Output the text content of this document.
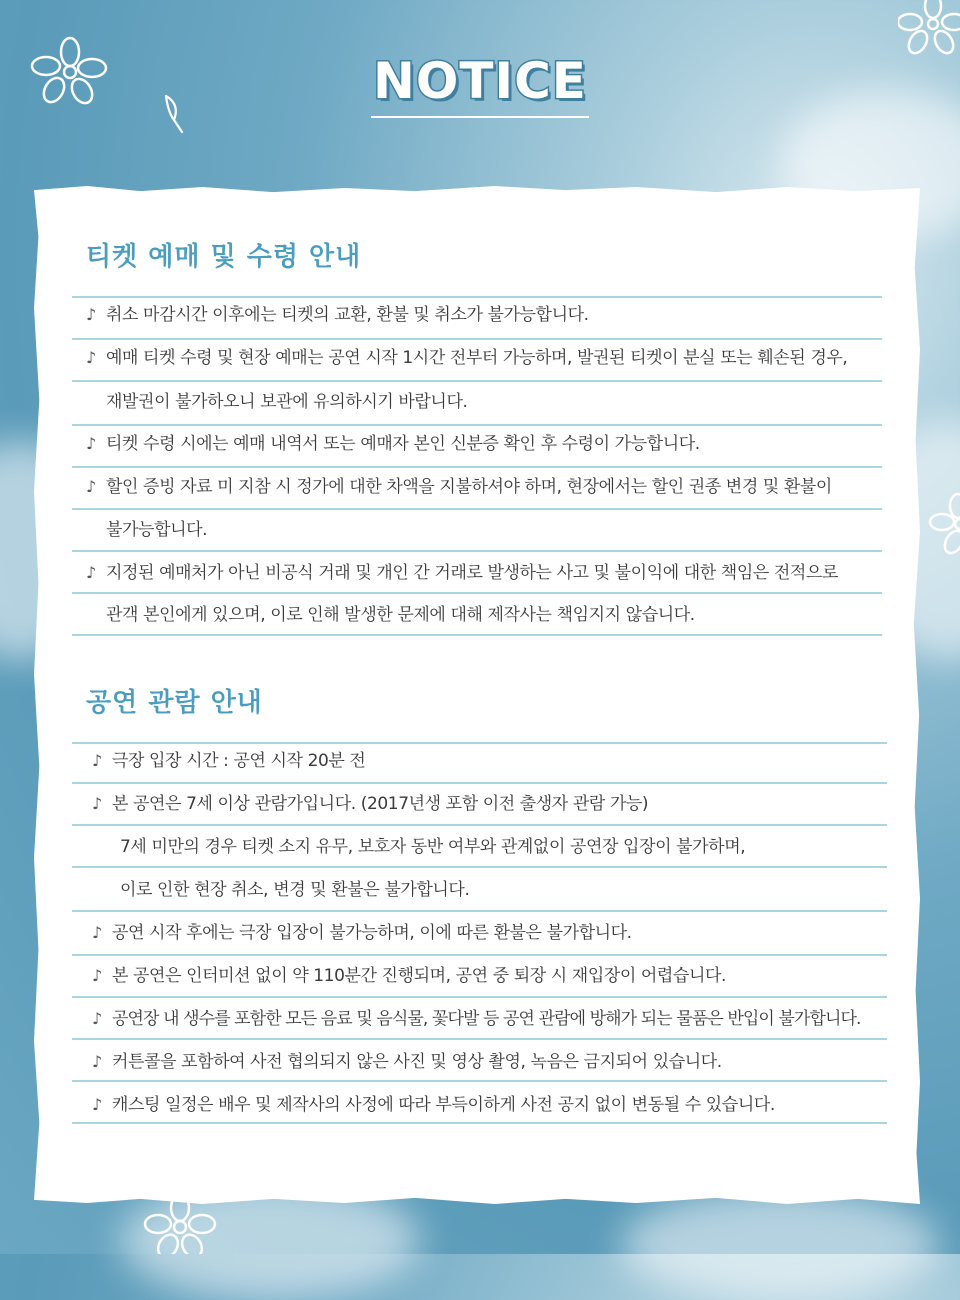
NOTICE
티켓 예매 및 수령 안내
♪ 취소 마감시간 이후에는 티켓의 교환, 환불 및 취소가 불가능합니다.
♪ 예매 티켓 수령 및 현장 예매는 공연 시작 1시간 전부터 가능하며, 발권된 티켓이 분실 또는 훼손된 경우,
재발권이 불가하오니 보관에 유의하시기 바랍니다.
♪ 티켓 수령 시에는 예매 내역서 또는 예매자 본인 신분증 확인 후 수령이 가능합니다.
♪ 할인 증빙 자료 미 지참 시 정가에 대한 차액을 지불하셔야 하며, 현장에서는 할인 권종 변경 및 환불이
불가능합니다.
♪ 지정된 예매처가 아닌 비공식 거래 및 개인 간 거래로 발생하는 사고 및 불이익에 대한 책임은 전적으로
관객 본인에게 있으며, 이로 인해 발생한 문제에 대해 제작사는 책임지지 않습니다.
공연 관람 안내
♪ 극장 입장 시간 : 공연 시작 20분 전
♪ 본 공연은 7세 이상 관람가입니다. (2017년생 포함 이전 출생자 관람 가능)
7세 미만의 경우 티켓 소지 유무, 보호자 동반 여부와 관계없이 공연장 입장이 불가하며,
이로 인한 현장 취소, 변경 및 환불은 불가합니다.
♪ 공연 시작 후에는 극장 입장이 불가능하며, 이에 따른 환불은 불가합니다.
♪ 본 공연은 인터미션 없이 약 110분간 진행되며, 공연 중 퇴장 시 재입장이 어렵습니다.
♪ 공연장 내 생수를 포함한 모든 음료 및 음식물, 꽃다발 등 공연 관람에 방해가 되는 물품은 반입이 불가합니다.
♪ 커튼콜을 포함하여 사전 협의되지 않은 사진 및 영상 촬영, 녹음은 금지되어 있습니다.
♪ 캐스팅 일정은 배우 및 제작사의 사정에 따라 부득이하게 사전 공지 없이 변동될 수 있습니다.
